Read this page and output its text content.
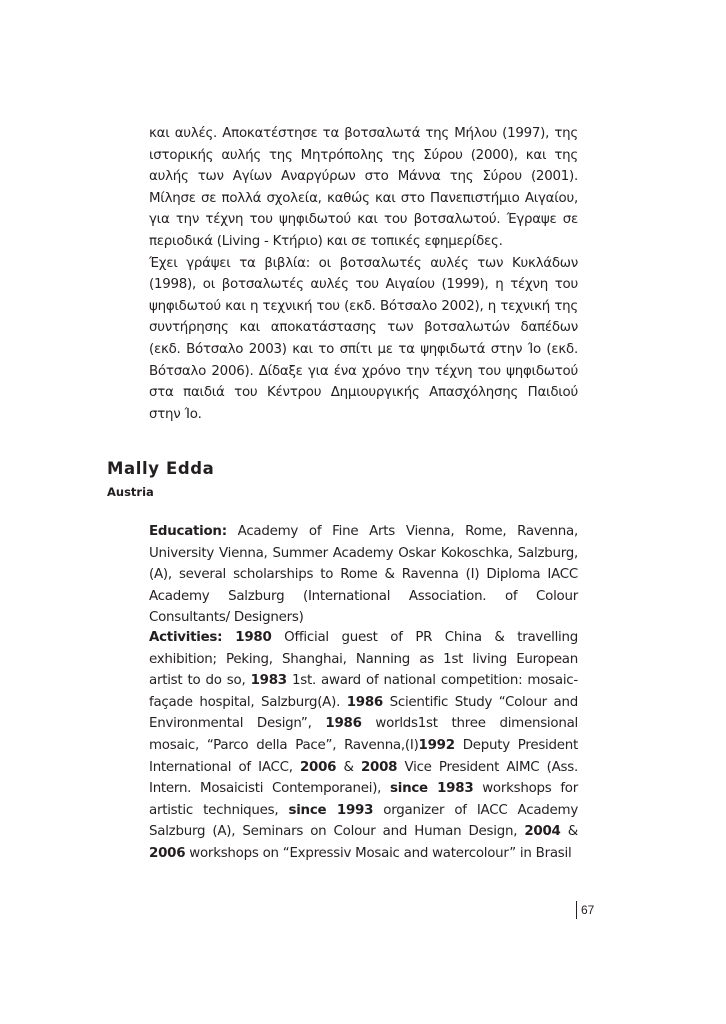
και αυλές. Αποκατέστησε τα βοτσαλωτά της Μήλου (1997), της ιστορικής αυλής της Μητρόπολης της Σύρου (2000), και της αυλής των Αγίων Αναργύρων στο Μάννα της Σύρου (2001). Μίλησε σε πολλά σχολεία, καθώς και στο Πανεπιστήμιο Αιγαίου, για την τέχνη του ψηφιδωτού και του βοτσαλωτού. Έγραψε σε περιοδικά (Living - Κτήριο) και σε τοπικές εφημερίδες.

Έχει γράψει τα βιβλία: οι βοτσαλωτές αυλές των Κυκλάδων (1998), οι βοτσαλωτές αυλές του Αιγαίου (1999), η τέχνη του ψηφιδωτού και η τεχνική του (εκδ. Βότσαλο 2002), η τεχνική της συντήρησης και αποκατάστασης των βοτσαλωτών δαπέδων (εκδ. Βότσαλο 2003) και το σπίτι με τα ψηφιδωτά στην Ίο (εκδ. Βότσαλο 2006). Δίδαξε για ένα χρόνο την τέχνη του ψηφιδωτού στα παιδιά του Κέντρου Δημιουργικής Απασχόλησης Παιδιού στην Ίο.

Mally Edda
Austria

Education: Academy of Fine Arts Vienna, Rome, Ravenna, University Vienna, Summer Academy Oskar Kokoschka, Salzburg, (A), several scholarships to Rome & Ravenna (I) Diploma IACC Academy Salzburg (International Association. of Colour Consultants/ Designers)

Activities: 1980 Official guest of PR China & travelling exhibition; Peking, Shanghai, Nanning as 1st living European artist to do so, 1983 1st. award of national competition: mosaic-façade hospital, Salzburg(A). 1986 Scientific Study “Colour and Environmental Design”, 1986 worlds1st three dimensional mosaic, “Parco della Pace”, Ravenna,(I)1992 Deputy President International of IACC, 2006 & 2008 Vice President AIMC (Ass. Intern. Mosaicisti Contemporanei), since 1983 workshops for artistic techniques, since 1993 organizer of IACC Academy Salzburg (A), Seminars on Colour and Human Design, 2004 & 2006 workshops on “Expressiv Mosaic and watercolour” in Brasil

67
